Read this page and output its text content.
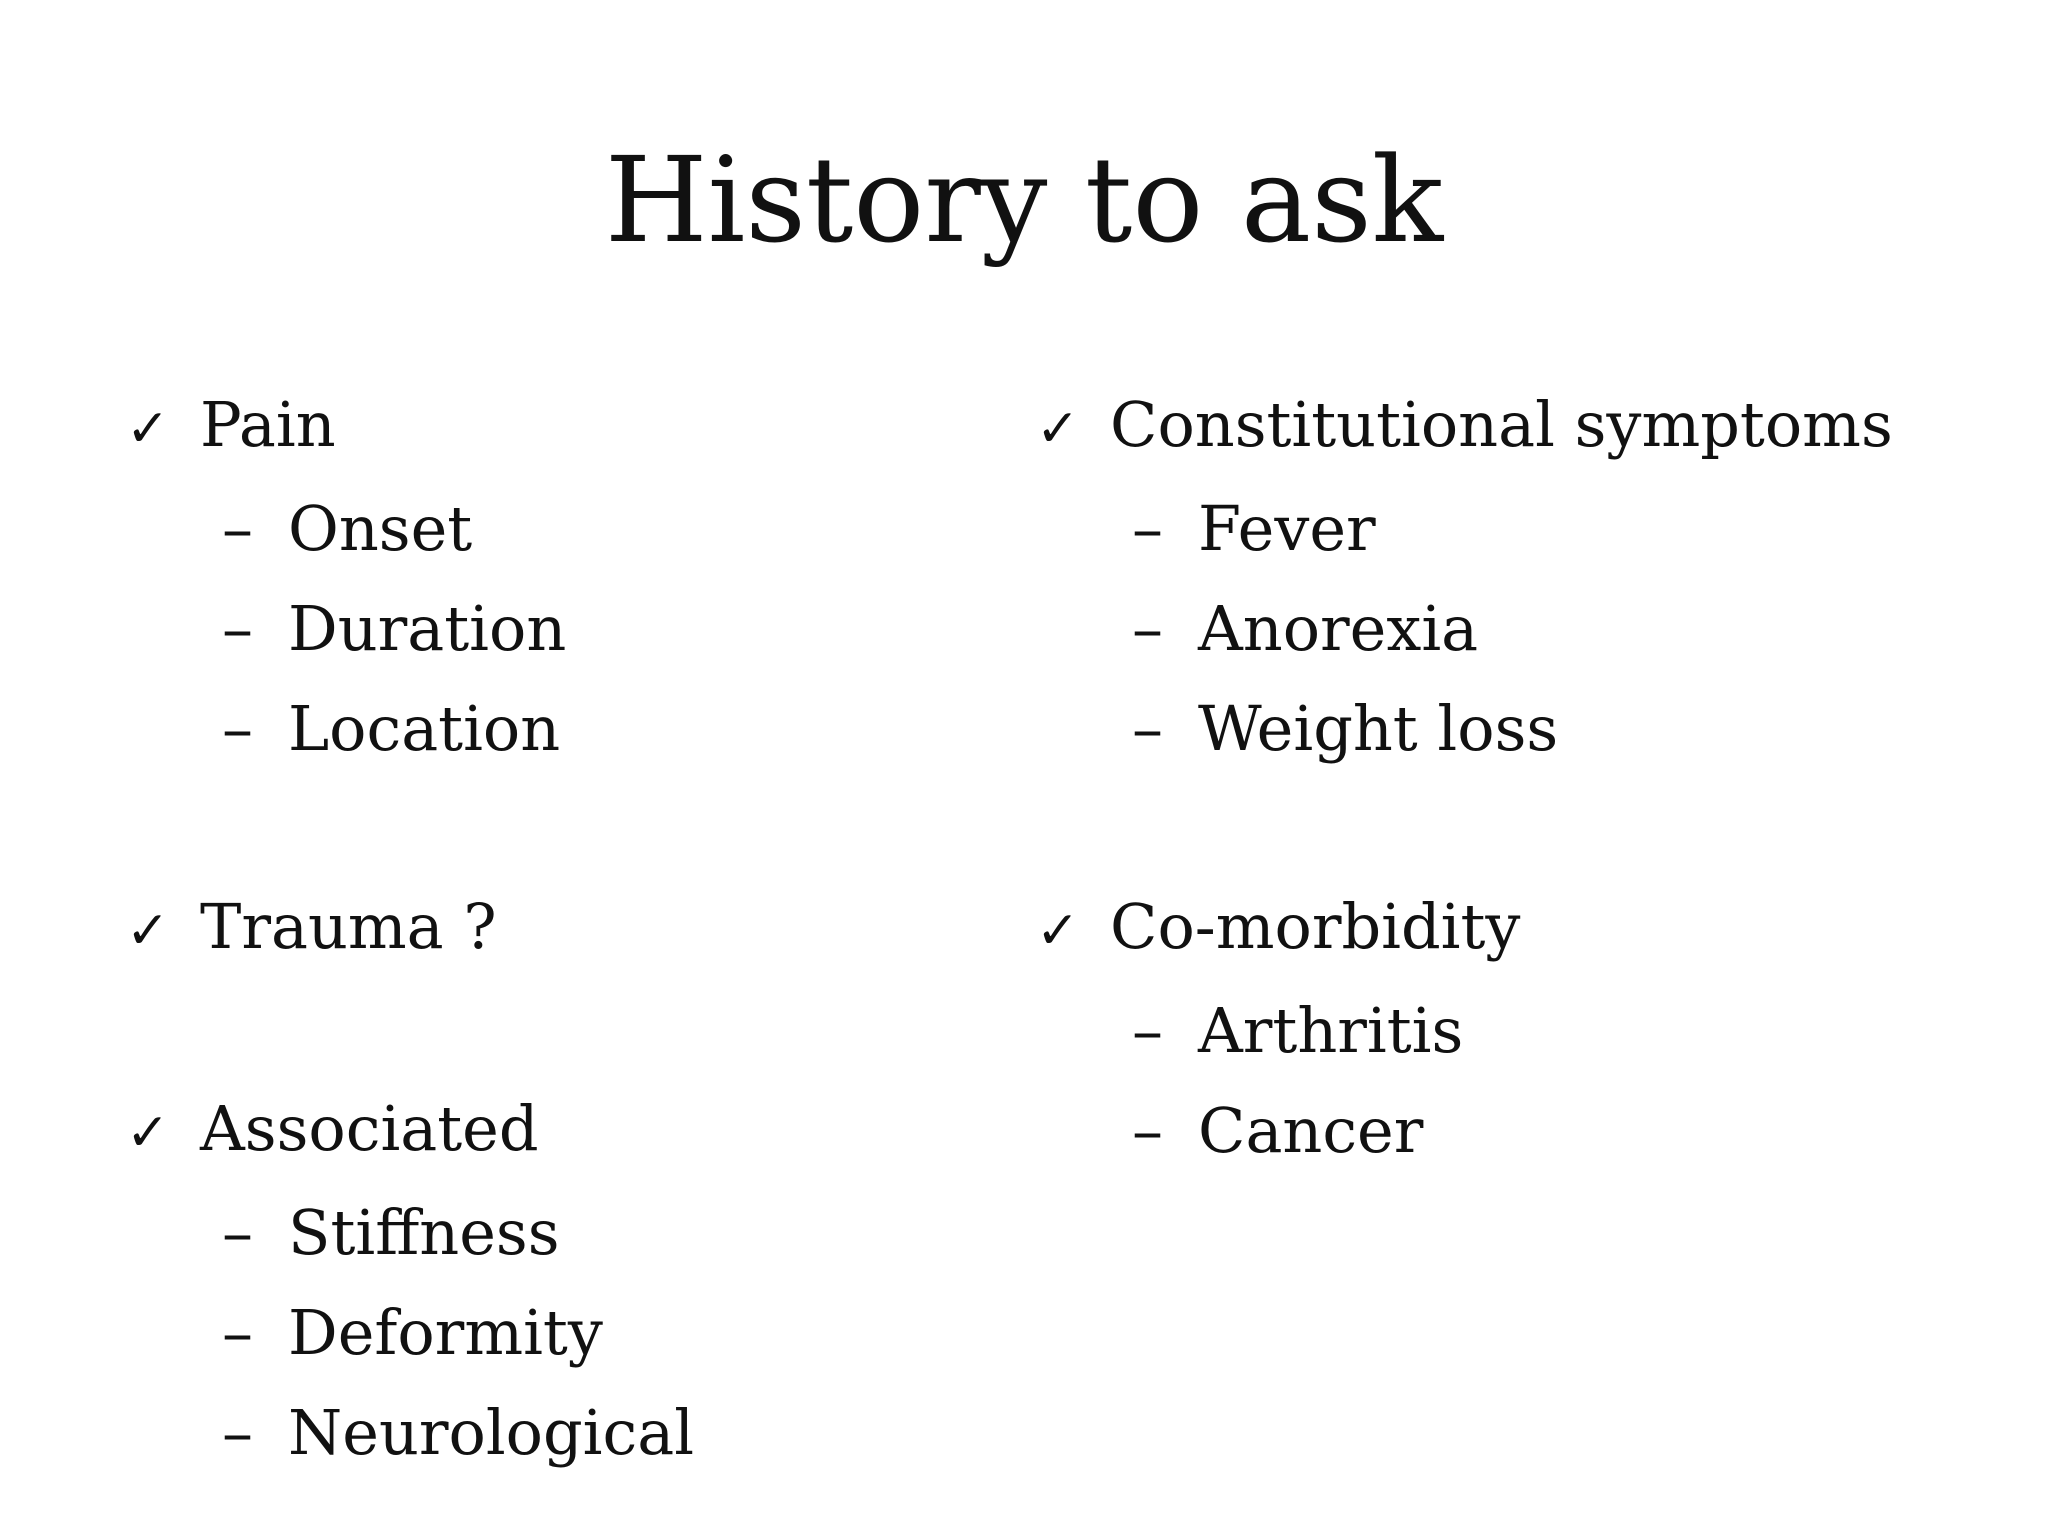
History to ask
✓ Pain
– Onset
– Duration
– Location
✓ Trauma ?
✓ Associated
– Stiffness
– Deformity
– Neurological
✓ Constitutional symptoms
– Fever
– Anorexia
– Weight loss
✓ Co-morbidity
– Arthritis
– Cancer
